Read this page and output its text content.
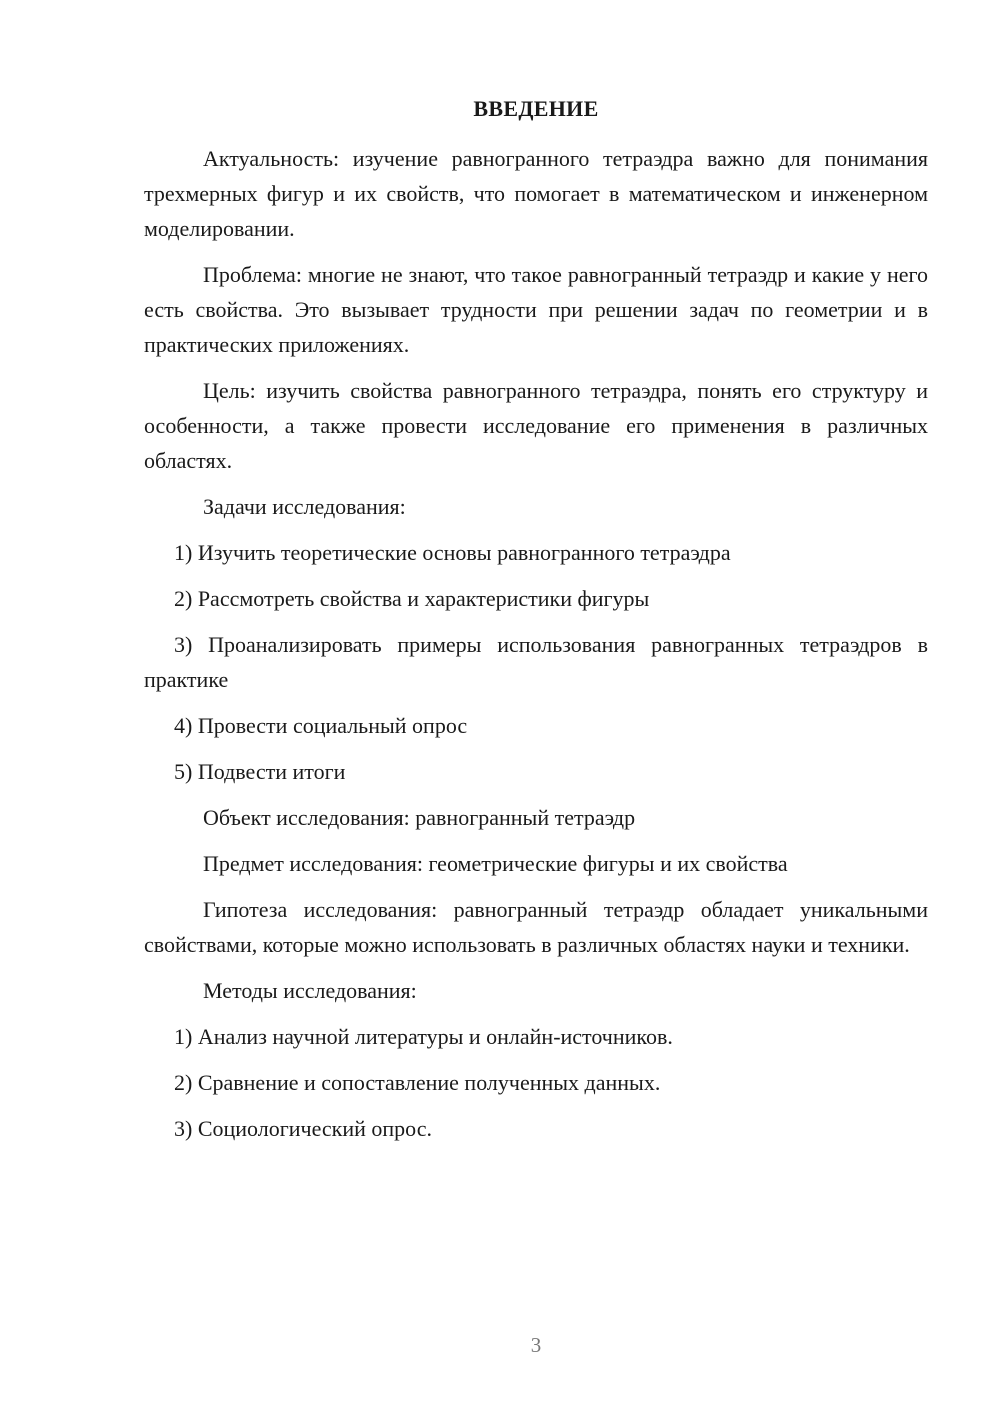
ВВЕДЕНИЕ

Актуальность: изучение равногранного тетраэдра важно для понимания трехмерных фигур и их свойств, что помогает в математическом и инженерном моделировании.

Проблема: многие не знают, что такое равногранный тетраэдр и какие у него есть свойства. Это вызывает трудности при решении задач по геометрии и в практических приложениях.

Цель: изучить свойства равногранного тетраэдра, понять его структуру и особенности, а также провести исследование его применения в различных областях.

Задачи исследования:

1) Изучить теоретические основы равногранного тетраэдра

2) Рассмотреть свойства и характеристики фигуры

3) Проанализировать примеры использования равногранных тетраэдров в практике

4) Провести социальный опрос

5) Подвести итоги

Объект исследования: равногранный тетраэдр

Предмет исследования: геометрические фигуры и их свойства

Гипотеза исследования: равногранный тетраэдр обладает уникальными свойствами, которые можно использовать в различных областях науки и техники.

Методы исследования:

1) Анализ научной литературы и онлайн-источников.

2) Сравнение и сопоставление полученных данных.

3) Социологический опрос.

3
